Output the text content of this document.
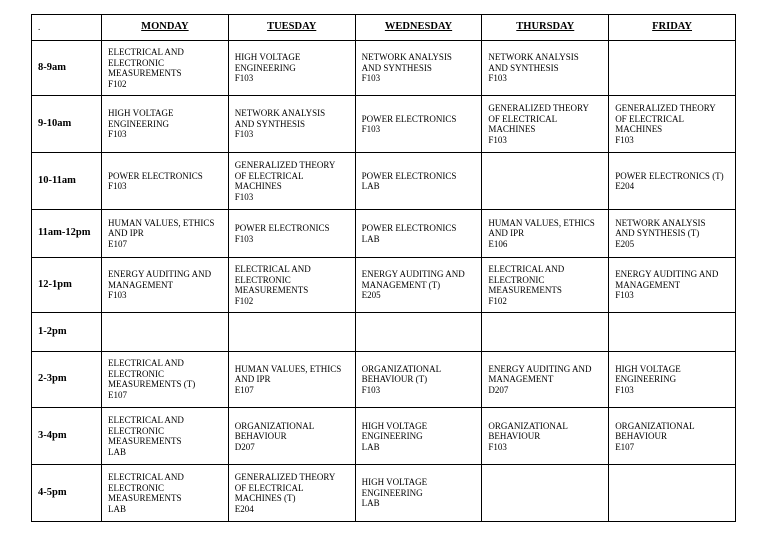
.	MONDAY	TUESDAY	WEDNESDAY	THURSDAY	FRIDAY
8-9am	ELECTRICAL AND
ELECTRONIC
MEASUREMENTS
F102	HIGH VOLTAGE
ENGINEERING
F103	NETWORK ANALYSIS
AND SYNTHESIS
F103	NETWORK ANALYSIS
AND SYNTHESIS
F103	

9-10am	HIGH VOLTAGE
ENGINEERING
F103	NETWORK ANALYSIS
AND SYNTHESIS
F103	POWER ELECTRONICS
F103	GENERALIZED THEORY
OF ELECTRICAL
MACHINES
F103	GENERALIZED THEORY
OF ELECTRICAL
MACHINES
F103

10-11am	POWER ELECTRONICS
F103	GENERALIZED THEORY
OF ELECTRICAL
MACHINES
F103	POWER ELECTRONICS
LAB		POWER ELECTRONICS (T)
E204

11am-12pm	HUMAN VALUES, ETHICS
AND IPR
E107	POWER ELECTRONICS
F103	POWER ELECTRONICS
LAB	HUMAN VALUES, ETHICS
AND IPR
E106	NETWORK ANALYSIS
AND SYNTHESIS (T)
E205

12-1pm	ENERGY AUDITING AND
MANAGEMENT
F103	ELECTRICAL AND
ELECTRONIC
MEASUREMENTS
F102	ENERGY AUDITING AND
MANAGEMENT (T)
E205	ELECTRICAL AND
ELECTRONIC
MEASUREMENTS
F102	ENERGY AUDITING AND
MANAGEMENT
F103

1-2pm					
2-3pm	ELECTRICAL AND
ELECTRONIC
MEASUREMENTS (T)
E107	HUMAN VALUES, ETHICS
AND IPR
E107	ORGANIZATIONAL
BEHAVIOUR (T)
F103	ENERGY AUDITING AND
MANAGEMENT
D207	HIGH VOLTAGE
ENGINEERING
F103

3-4pm	ELECTRICAL AND
ELECTRONIC
MEASUREMENTS
LAB	ORGANIZATIONAL
BEHAVIOUR
D207	HIGH VOLTAGE
ENGINEERING
LAB	ORGANIZATIONAL
BEHAVIOUR
F103	ORGANIZATIONAL
BEHAVIOUR
E107

4-5pm	ELECTRICAL AND
ELECTRONIC
MEASUREMENTS
LAB	GENERALIZED THEORY
OF ELECTRICAL
MACHINES (T)
E204	HIGH VOLTAGE
ENGINEERING
LAB		
